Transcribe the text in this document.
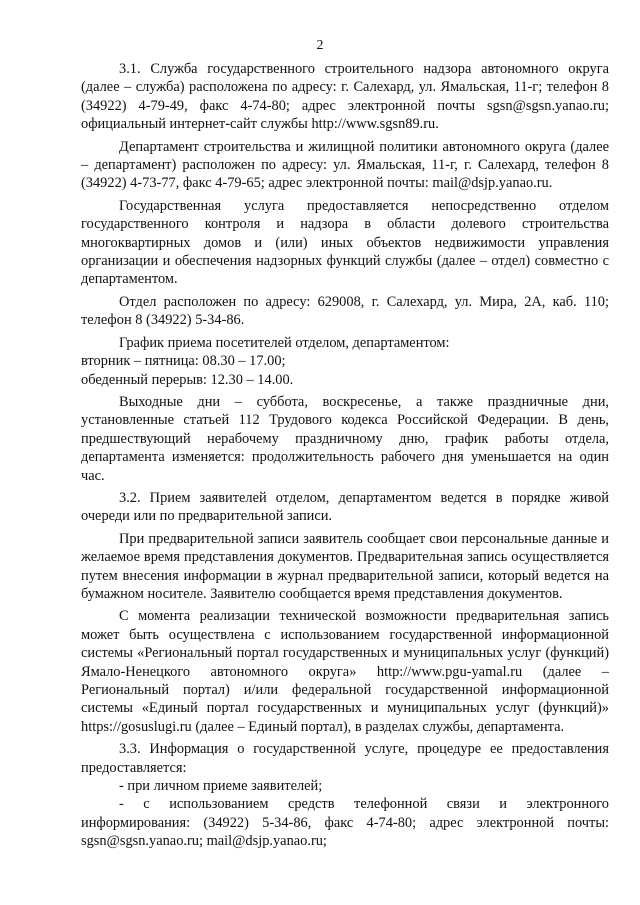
2

3.1. Служба государственного строительного надзора автономного округа (далее – служба) расположена по адресу: г. Салехард, ул. Ямальская, 11-г; телефон 8 (34922) 4-79-49, факс 4-74-80; адрес электронной почты sgsn@sgsn.yanao.ru; официальный интернет-сайт службы http://www.sgsn89.ru.

Департамент строительства и жилищной политики автономного округа (далее – департамент) расположен по адресу: ул. Ямальская, 11-г, г. Салехард, телефон 8 (34922) 4-73-77, факс 4-79-65; адрес электронной почты: mail@dsjp.yanao.ru.

Государственная услуга предоставляется непосредственно отделом государственного контроля и надзора в области долевого строительства многоквартирных домов и (или) иных объектов недвижимости управления организации и обеспечения надзорных функций службы (далее – отдел) совместно с департаментом.

Отдел расположен по адресу: 629008, г. Салехард, ул. Мира, 2А, каб. 110; телефон 8 (34922) 5-34-86.

График приема посетителей отделом, департаментом:

вторник – пятница: 08.30 – 17.00;

обеденный перерыв: 12.30 – 14.00.

Выходные дни – суббота, воскресенье, а также праздничные дни, установленные статьей 112 Трудового кодекса Российской Федерации. В день, предшествующий нерабочему праздничному дню, график работы отдела, департамента изменяется: продолжительность рабочего дня уменьшается на один час.

3.2. Прием заявителей отделом, департаментом ведется в порядке живой очереди или по предварительной записи.

При предварительной записи заявитель сообщает свои персональные данные и желаемое время представления документов. Предварительная запись осуществляется путем внесения информации в журнал предварительной записи, который ведется на бумажном носителе. Заявителю сообщается время представления документов.

С момента реализации технической возможности предварительная запись может быть осуществлена с использованием государственной информационной системы «Региональный портал государственных и муниципальных услуг (функций) Ямало-Ненецкого автономного округа» http://www.pgu-yamal.ru (далее – Региональный портал) и/или федеральной государственной информационной системы «Единый портал государственных и муниципальных услуг (функций)» https://gosuslugi.ru (далее – Единый портал), в разделах службы, департамента.

3.3. Информация о государственной услуге, процедуре ее предоставления предоставляется:

- при личном приеме заявителей;

- с использованием средств телефонной связи и электронного информирования: (34922) 5-34-86, факс 4-74-80; адрес электронной почты: sgsn@sgsn.yanao.ru; mail@dsjp.yanao.ru;
